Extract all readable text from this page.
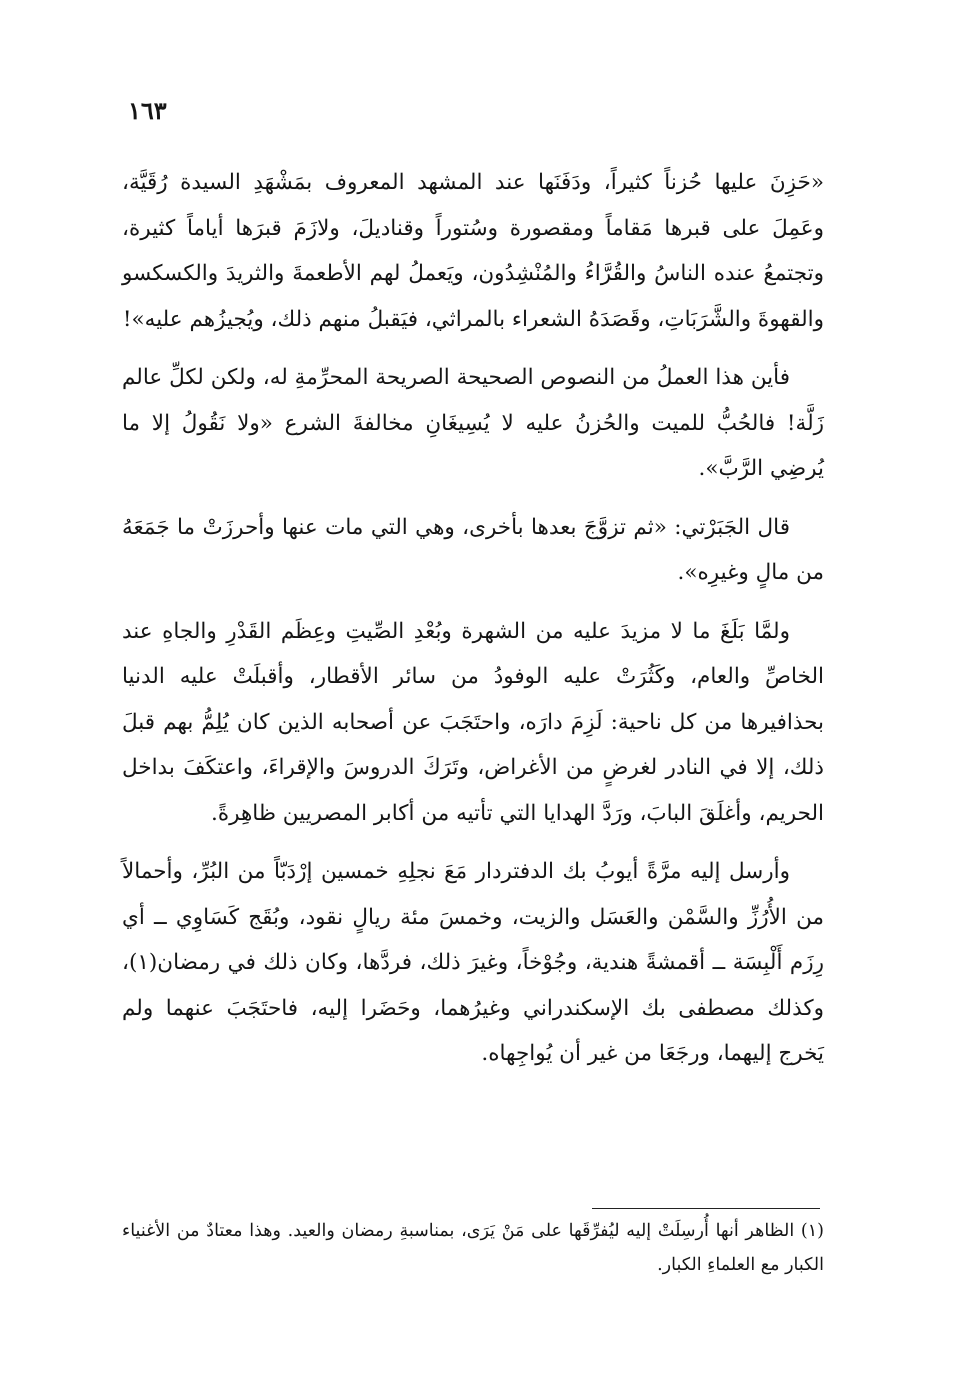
١٦٣

«حَزِنَ عليها حُزناً كثيراً، ودَفَنَها عند المشهد المعروف بمَشْهَدِ السيدة رُقَيَّة، وعَمِلَ على قبرها مَقاماً ومقصورة وسُتوراً وقناديلَ، ولازَمَ قبرَها أياماً كثيرة، وتجتمعُ عنده الناسُ والقُرَّاءُ والمُنْشِدُون، ويَعملُ لهم الأطعمةَ والثريدَ والكسكسو والقهوةَ والشَّرَبَاتِ، وقَصَدَهُ الشعراء بالمراثي، فيَقبلُ منهم ذلك، ويُجيزُهم عليه»!

فأين هذا العملُ من النصوص الصحيحة الصريحة المحرِّمةِ له، ولكن لكلِّ عالم زَلَّة! فالحُبُّ للميت والحُزنُ عليه لا يُسِيغَانِ مخالفةَ الشرع «ولا نَقُولُ إلا ما يُرضِي الرَّبَّ».

قال الجَبَرْتي: «ثم تزوَّجَ بعدها بأخرى، وهي التي مات عنها وأحرزَتْ ما جَمَعَهُ من مالٍ وغيرِه».

ولمَّا بَلَغَ ما لا مزيدَ عليه من الشهرة وبُعْدِ الصِّيتِ وعِظَم القَدْرِ والجاهِ عند الخاصِّ والعام، وكَثُرَتْ عليه الوفودُ من سائر الأقطار، وأقبلَتْ عليه الدنيا بحذافيرها من كل ناحية: لَزِمَ دارَه، واحتَجَبَ عن أصحابه الذين كان يُلِمُّ بهم قبلَ ذلك، إلا في النادر لغرضٍ من الأغراض، وتَرَكَ الدروسَ والإقراءَ، واعتكَفَ بداخل الحريم، وأغلَقَ البابَ، ورَدَّ الهدايا التي تأتيه من أكابر المصريين ظاهِرةً.

وأرسل إليه مرَّةً أيوبُ بك الدفتردار مَعَ نجلِهِ خمسين إرْدَبّاً من البُرِّ، وأحمالاً من الأُرُزِّ والسَّمْن والعَسَل والزيت، وخمسَ مئة ريالٍ نقود، وبُقَج كَسَاوِي ــ أي رِزَم أَلْبِسَة ــ أقمشةً هندية، وجُوْخاً، وغيرَ ذلك، فردَّها، وكان ذلك في رمضان(١)، وكذلك مصطفى بك الإسكندراني وغيرُهما، وحَضَرا إليه، فاحتَجَبَ عنهما ولم يَخرج إليهما، ورجَعَا من غير أن يُواجِهاه.

(١) الظاهر أنها أُرسِلَتْ إليه ليُفرِّقَها على مَنْ يَرَى، بمناسبةِ رمضان والعيد. وهذا معتادٌ من الأغنياء الكبار مع العلماءِ الكبار.
